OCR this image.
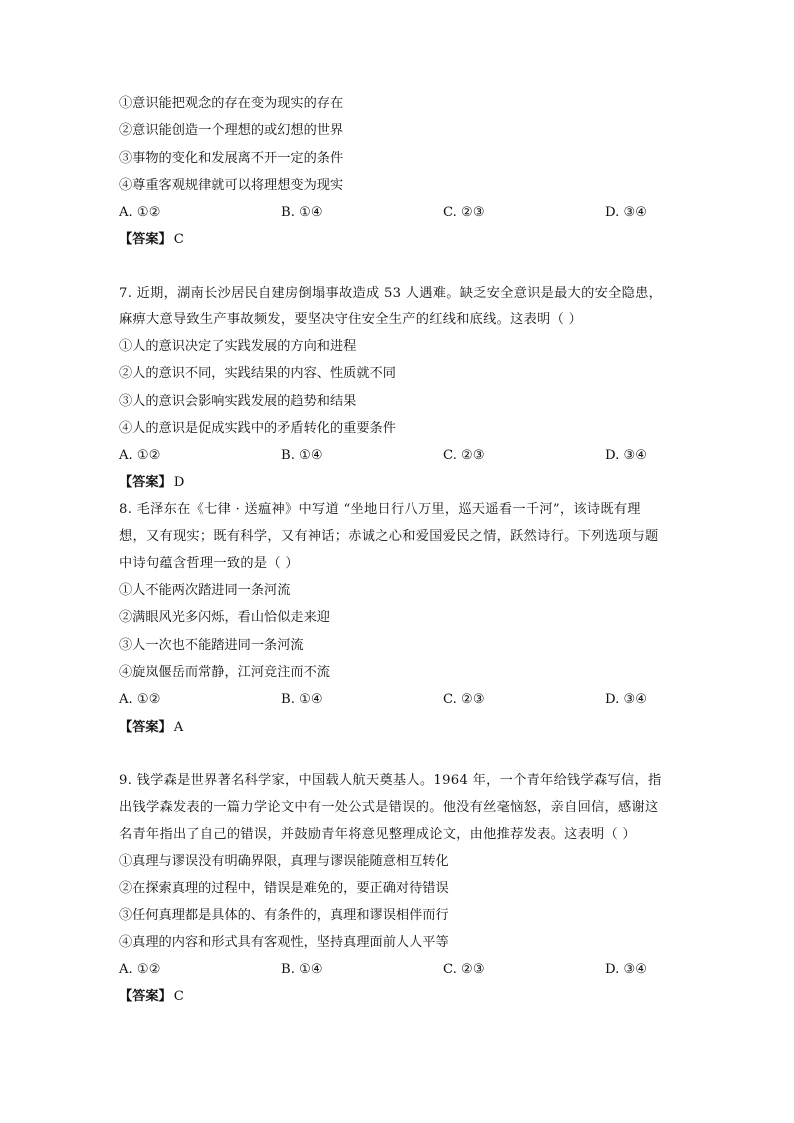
①意识能把观念的存在变为现实的存在
②意识能创造一个理想的或幻想的世界
③事物的变化和发展离不开一定的条件
④尊重客观规律就可以将理想变为现实
A. ①②	B. ①④	C. ②③	D. ③④
【答案】 C
7. 近期，湖南长沙居民自建房倒塌事故造成 53 人遇难。缺乏安全意识是最大的安全隐患，
麻痹大意导致生产事故频发，要坚决守住安全生产的红线和底线。这表明（ ）
①人的意识决定了实践发展的方向和进程
②人的意识不同，实践结果的内容、性质就不同
③人的意识会影响实践发展的趋势和结果
④人的意识是促成实践中的矛盾转化的重要条件
A. ①②	B. ①④	C. ②③	D. ③④
【答案】 D
8. 毛泽东在《七律 · 送瘟神》中写道 “坐地日行八万里，巡天遥看一千河”，该诗既有理
想，又有现实；既有科学，又有神话；赤诚之心和爱国爱民之情，跃然诗行。下列选项与题
中诗句蕴含哲理一致的是（ ）
①人不能两次踏进同一条河流
②满眼风光多闪烁，看山恰似走来迎
③人一次也不能踏进同一条河流
④旋岚偃岳而常静，江河竞注而不流
A. ①②	B. ①④	C. ②③	D. ③④
【答案】 A
9. 钱学森是世界著名科学家，中国载人航天奠基人。1964 年，一个青年给钱学森写信，指
出钱学森发表的一篇力学论文中有一处公式是错误的。他没有丝毫恼怒，亲自回信，感谢这
名青年指出了自己的错误，并鼓励青年将意见整理成论文，由他推荐发表。这表明（ ）
①真理与谬误没有明确界限，真理与谬误能随意相互转化
②在探索真理的过程中，错误是难免的，要正确对待错误
③任何真理都是具体的、有条件的，真理和谬误相伴而行
④真理的内容和形式具有客观性，坚持真理面前人人平等
A. ①②	B. ①④	C. ②③	D. ③④
【答案】 C
